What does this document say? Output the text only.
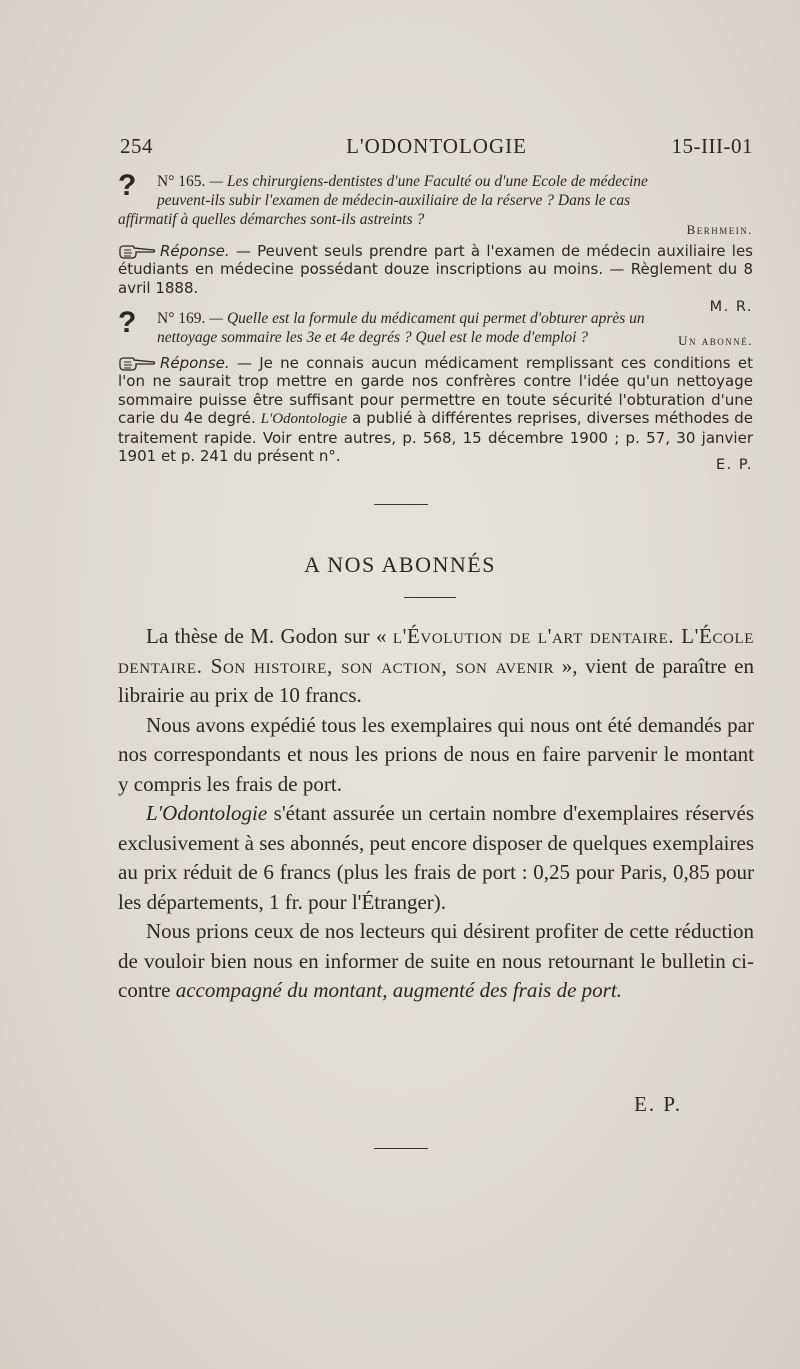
254	L'ODONTOLOGIE	15-III-01
?	N° 165. — Les chirurgiens-dentistes d'une Faculté ou d'une Ecole de médecine
peuvent-ils subir l'examen de médecin-auxiliaire de la réserve ? Dans le cas
affirmatif à quelles démarches sont-ils astreints ?
Berhmein.
Réponse. — Peuvent seuls prendre part à l'examen de médecin auxiliaire les étudiants en médecine possédant douze inscriptions au moins. — Règlement du 8 avril 1888.
M. R.
?	N° 169. — Quelle est la formule du médicament qui permet d'obturer après un
nettoyage sommaire les 3e et 4e degrés ? Quel est le mode d'emploi ?	Un abonné.
Réponse. — Je ne connais aucun médicament remplissant ces conditions et l'on ne saurait trop mettre en garde nos confrères contre l'idée qu'un nettoyage sommaire puisse être suffisant pour permettre en toute sécurité l'obturation d'une carie du 4e degré. L'Odontologie a publié à différentes reprises, diverses méthodes de traitement rapide. Voir entre autres, p. 568, 15 décembre 1900 ; p. 57, 30 janvier 1901 et p. 241 du présent n°.	E. P.
A NOS ABONNÉS

La thèse de M. Godon sur « l'Évolution de l'art dentaire. L'École dentaire. Son histoire, son action, son avenir », vient de paraître en librairie au prix de 10 francs.

Nous avons expédié tous les exemplaires qui nous ont été demandés par nos correspondants et nous les prions de nous en faire parvenir le montant y compris les frais de port.

L'Odontologie s'étant assurée un certain nombre d'exemplaires réservés exclusivement à ses abonnés, peut encore disposer de quelques exemplaires au prix réduit de 6 francs (plus les frais de port : 0,25 pour Paris, 0,85 pour les départements, 1 fr. pour l'Étranger).

Nous prions ceux de nos lecteurs qui désirent profiter de cette réduction de vouloir bien nous en informer de suite en nous retournant le bulletin ci-contre accompagné du montant, augmenté des frais de port.

E. P.
